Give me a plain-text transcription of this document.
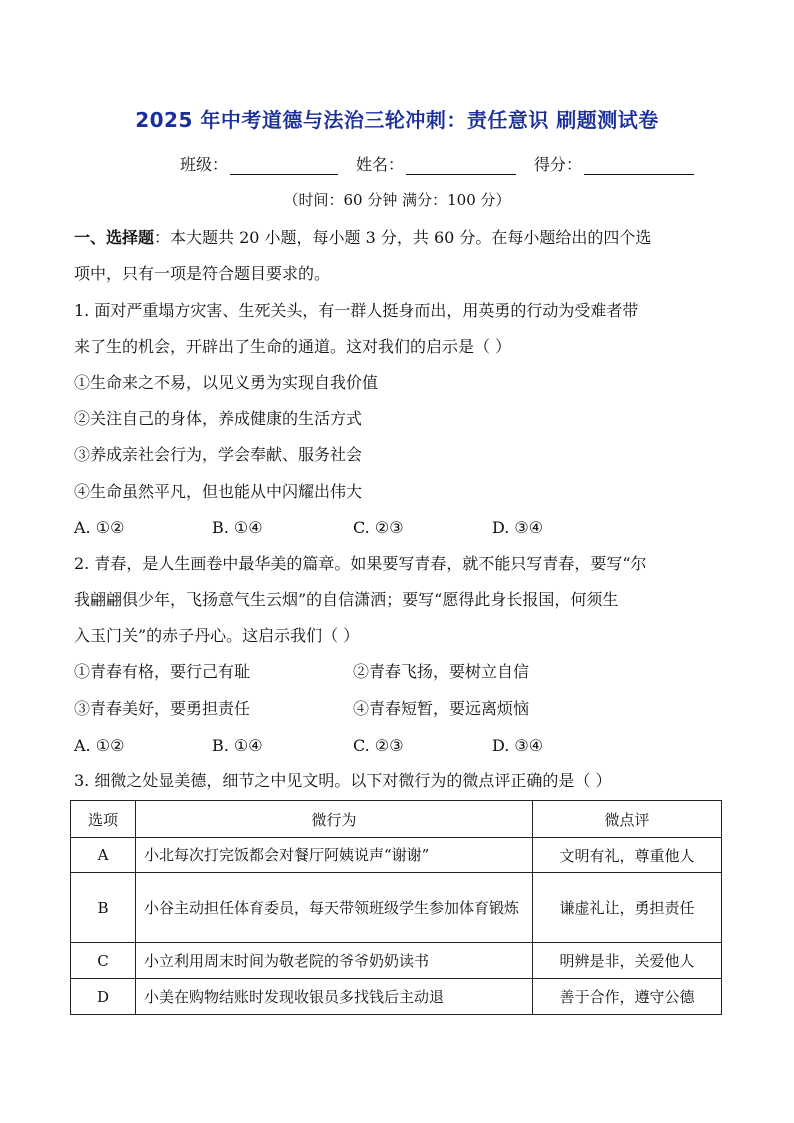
2025 年中考道德与法治三轮冲刺：责任意识 刷题测试卷
班级：	姓名：	得分：
（时间：60 分钟 满分：100 分）
一、选择题：本大题共 20 小题，每小题 3 分，共 60 分。在每小题给出的四个选
项中，只有一项是符合题目要求的。
1. 面对严重塌方灾害、生死关头，有一群人挺身而出，用英勇的行动为受难者带
来了生的机会，开辟出了生命的通道。这对我们的启示是（ ）
①生命来之不易，以见义勇为实现自我价值
②关注自己的身体，养成健康的生活方式
③养成亲社会行为，学会奉献、服务社会
④生命虽然平凡，但也能从中闪耀出伟大
A. ①②	B. ①④	C. ②③	D. ③④
2. 青春，是人生画卷中最华美的篇章。如果要写青春，就不能只写青春，要写“尔
我翩翩俱少年，飞扬意气生云烟”的自信潇洒；要写“愿得此身长报国，何须生
入玉门关”的赤子丹心。这启示我们（ ）
①青春有格，要行己有耻	②青春飞扬，要树立自信
③青春美好，要勇担责任	④青春短暂，要远离烦恼
A. ①②	B. ①④	C. ②③	D. ③④
3. 细微之处显美德，细节之中见文明。以下对微行为的微点评正确的是（ ）
选项	微行为	微点评
A	小北每次打完饭都会对餐厅阿姨说声“谢谢”	文明有礼，尊重他人
B	小谷主动担任体育委员，每天带领班级学生参加体育锻炼	谦虚礼让，勇担责任
C	小立利用周末时间为敬老院的爷爷奶奶读书	明辨是非，关爱他人
D	小美在购物结账时发现收银员多找钱后主动退	善于合作，遵守公德
